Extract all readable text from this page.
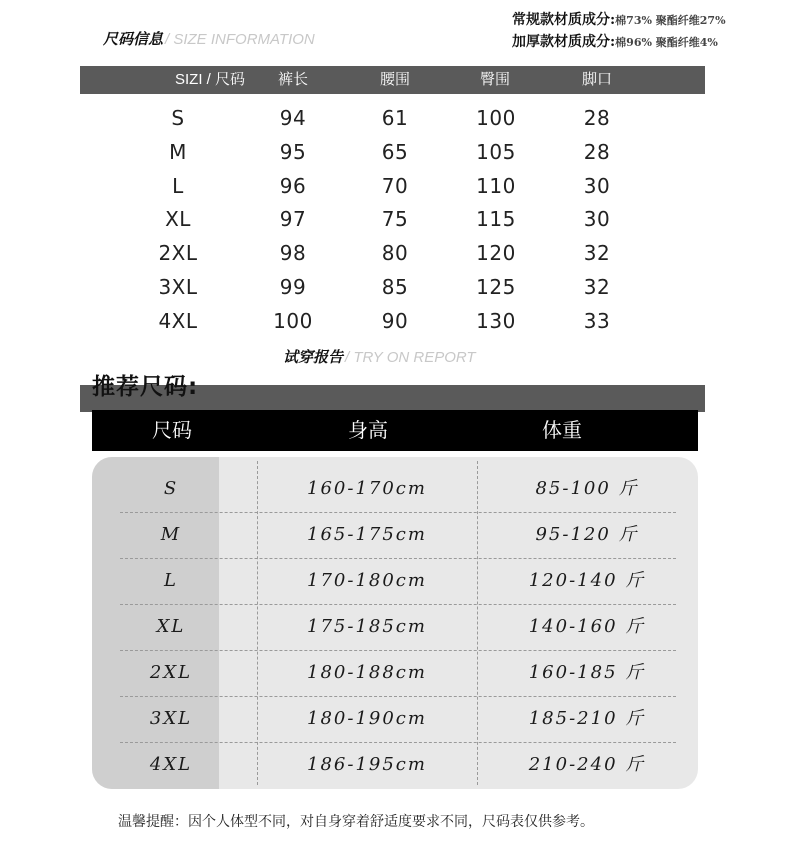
尺码信息 / SIZE INFORMATION
常规款材质成分:棉73% 聚酯纤维27%
加厚款材质成分:棉96% 聚酯纤维4%
SIZI / 尺码	裤长	腰围	臀围	脚口
S	94	61	100	28
M	95	65	105	28
L	96	70	110	30
XL	97	75	115	30
2XL	98	80	120	32
3XL	99	85	125	32
4XL	100	90	130	33
试穿报告 / TRY ON REPORT
推荐尺码:
尺码	身高	体重
S	160-170cm	85-100 斤
M	165-175cm	95-120 斤
L	170-180cm	120-140 斤
XL	175-185cm	140-160 斤
2XL	180-188cm	160-185 斤
3XL	180-190cm	185-210 斤
4XL	186-195cm	210-240 斤
温馨提醒：因个人体型不同，对自身穿着舒适度要求不同，尺码表仅供参考。
